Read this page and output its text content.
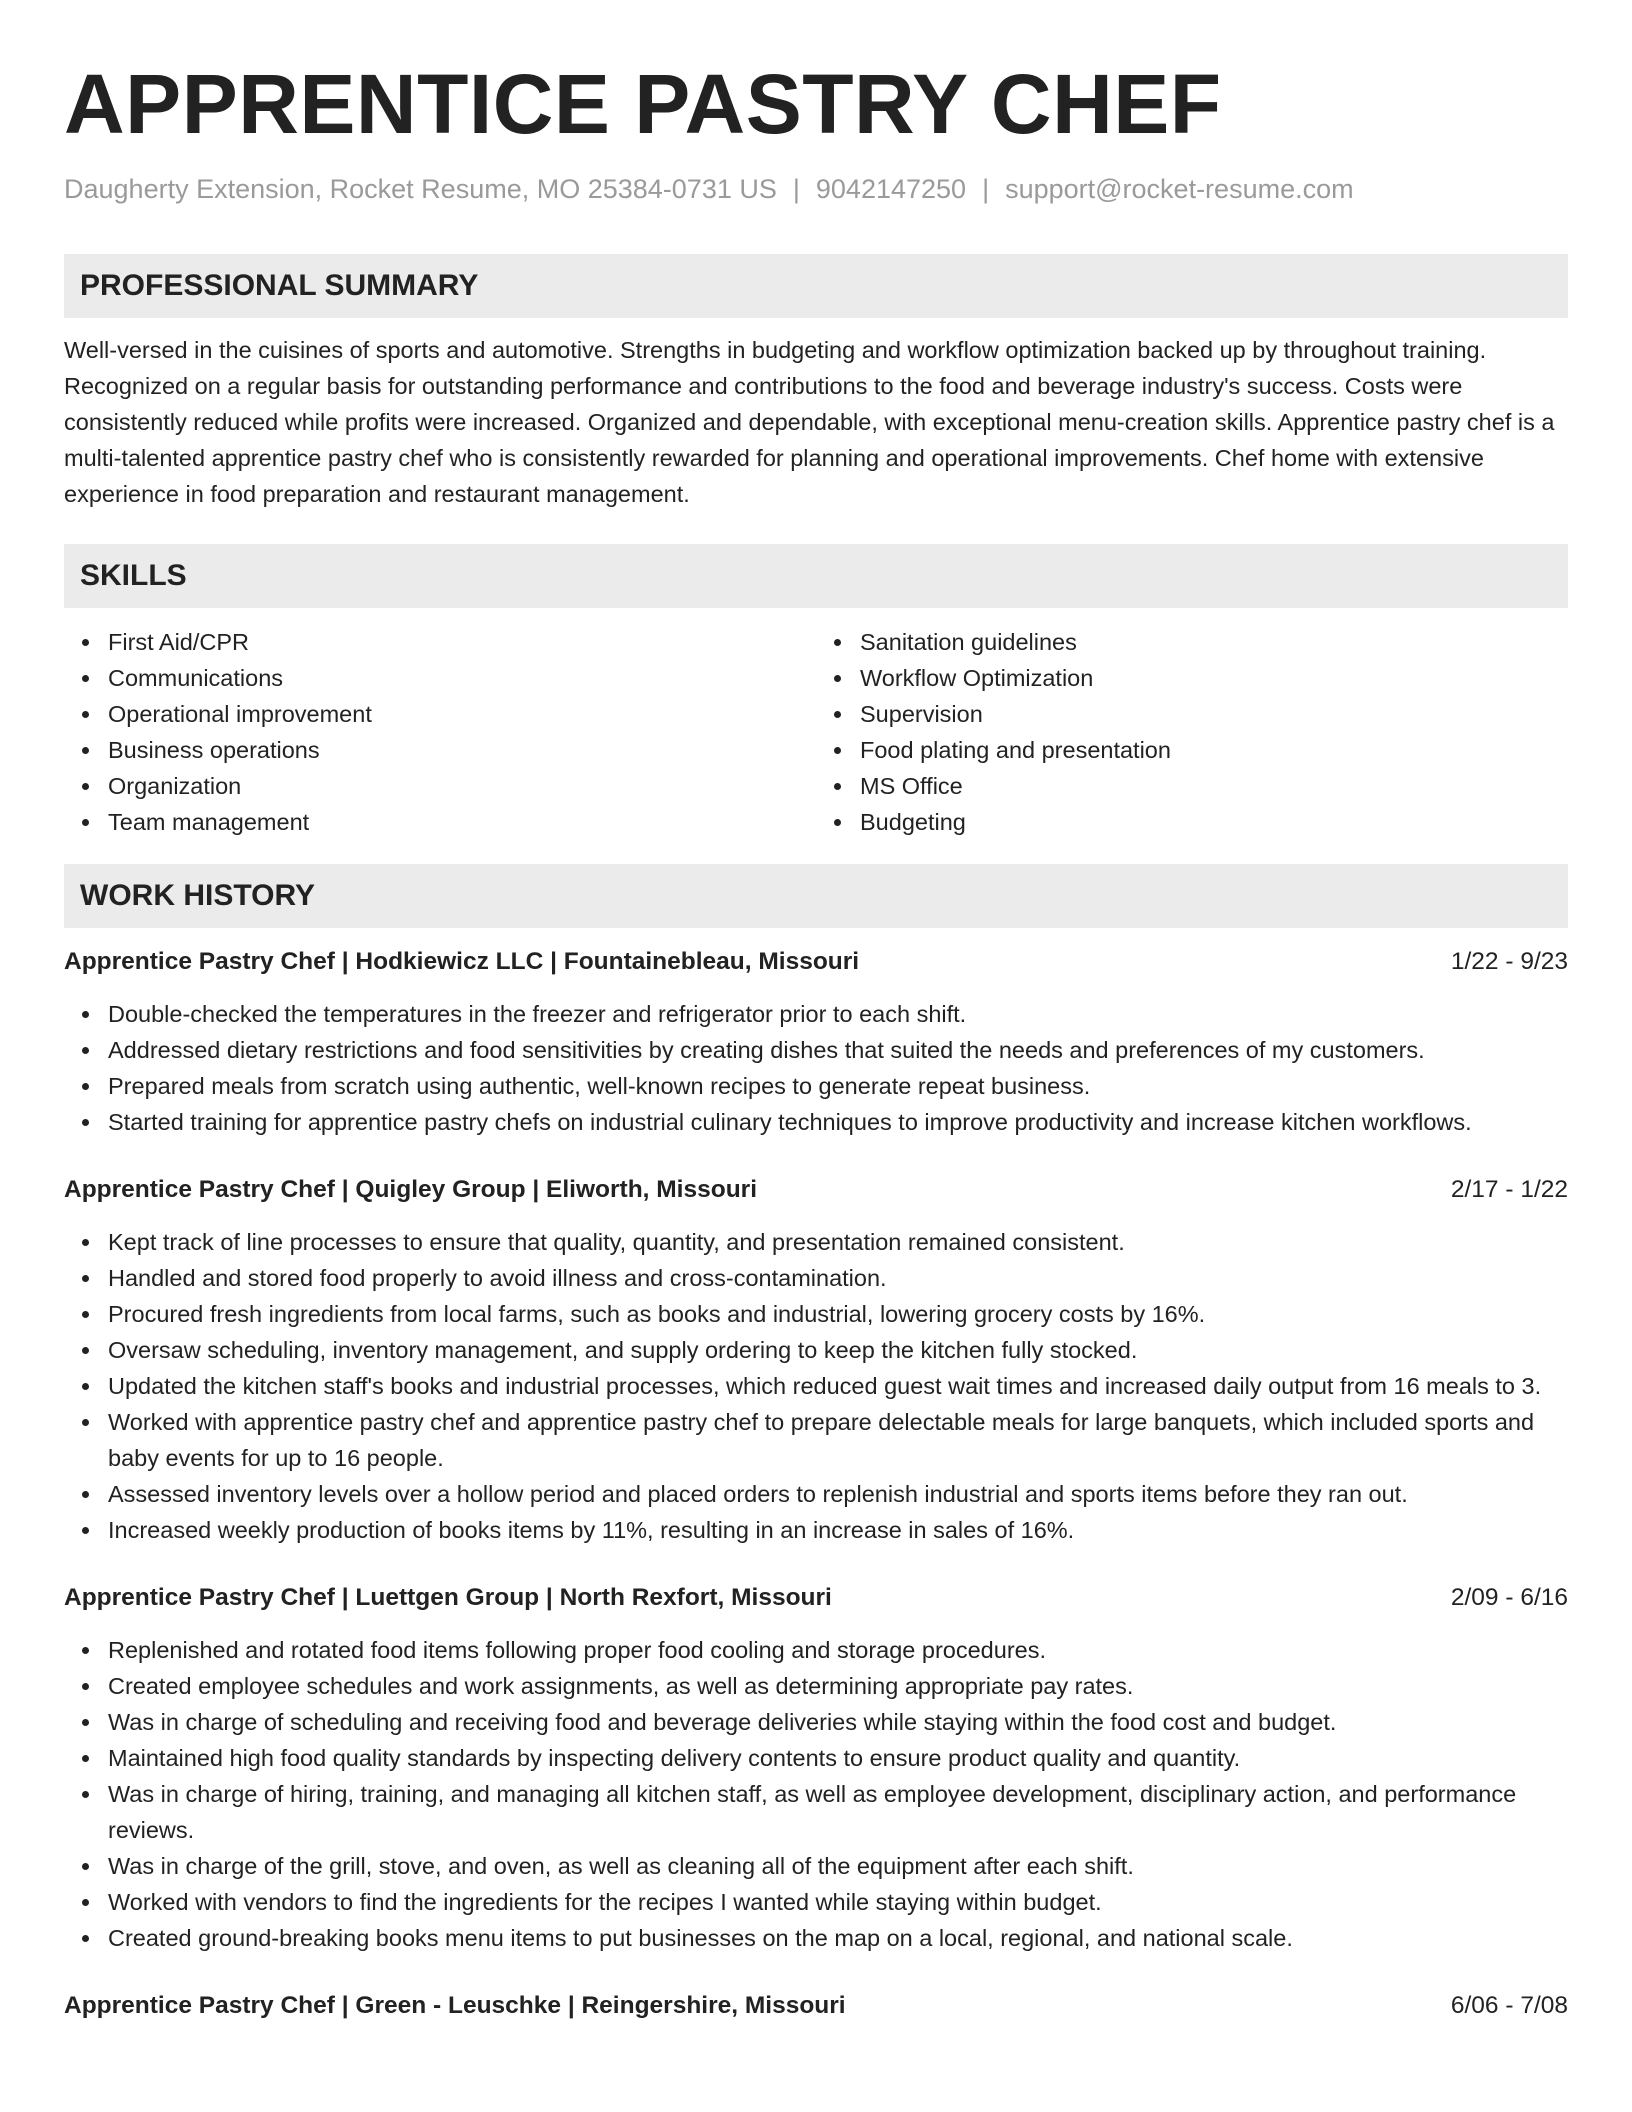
APPRENTICE PASTRY CHEF
Daugherty Extension, Rocket Resume, MO 25384-0731 US | 9042147250 | support@rocket-resume.com
PROFESSIONAL SUMMARY
Well-versed in the cuisines of sports and automotive. Strengths in budgeting and workflow optimization backed up by throughout training. Recognized on a regular basis for outstanding performance and contributions to the food and beverage industry's success. Costs were consistently reduced while profits were increased. Organized and dependable, with exceptional menu-creation skills. Apprentice pastry chef is a multi-talented apprentice pastry chef who is consistently rewarded for planning and operational improvements. Chef home with extensive experience in food preparation and restaurant management.
SKILLS
First Aid/CPR
Communications
Operational improvement
Business operations
Organization
Team management
Sanitation guidelines
Workflow Optimization
Supervision
Food plating and presentation
MS Office
Budgeting
WORK HISTORY
Apprentice Pastry Chef | Hodkiewicz LLC | Fountainebleau, Missouri	1/22 - 9/23
Double-checked the temperatures in the freezer and refrigerator prior to each shift.
Addressed dietary restrictions and food sensitivities by creating dishes that suited the needs and preferences of my customers.
Prepared meals from scratch using authentic, well-known recipes to generate repeat business.
Started training for apprentice pastry chefs on industrial culinary techniques to improve productivity and increase kitchen workflows.
Apprentice Pastry Chef | Quigley Group | Eliworth, Missouri	2/17 - 1/22
Kept track of line processes to ensure that quality, quantity, and presentation remained consistent.
Handled and stored food properly to avoid illness and cross-contamination.
Procured fresh ingredients from local farms, such as books and industrial, lowering grocery costs by 16%.
Oversaw scheduling, inventory management, and supply ordering to keep the kitchen fully stocked.
Updated the kitchen staff's books and industrial processes, which reduced guest wait times and increased daily output from 16 meals to 3.
Worked with apprentice pastry chef and apprentice pastry chef to prepare delectable meals for large banquets, which included sports and baby events for up to 16 people.
Assessed inventory levels over a hollow period and placed orders to replenish industrial and sports items before they ran out.
Increased weekly production of books items by 11%, resulting in an increase in sales of 16%.
Apprentice Pastry Chef | Luettgen Group | North Rexfort, Missouri	2/09 - 6/16
Replenished and rotated food items following proper food cooling and storage procedures.
Created employee schedules and work assignments, as well as determining appropriate pay rates.
Was in charge of scheduling and receiving food and beverage deliveries while staying within the food cost and budget.
Maintained high food quality standards by inspecting delivery contents to ensure product quality and quantity.
Was in charge of hiring, training, and managing all kitchen staff, as well as employee development, disciplinary action, and performance reviews.
Was in charge of the grill, stove, and oven, as well as cleaning all of the equipment after each shift.
Worked with vendors to find the ingredients for the recipes I wanted while staying within budget.
Created ground-breaking books menu items to put businesses on the map on a local, regional, and national scale.
Apprentice Pastry Chef | Green - Leuschke | Reingershire, Missouri	6/06 - 7/08
